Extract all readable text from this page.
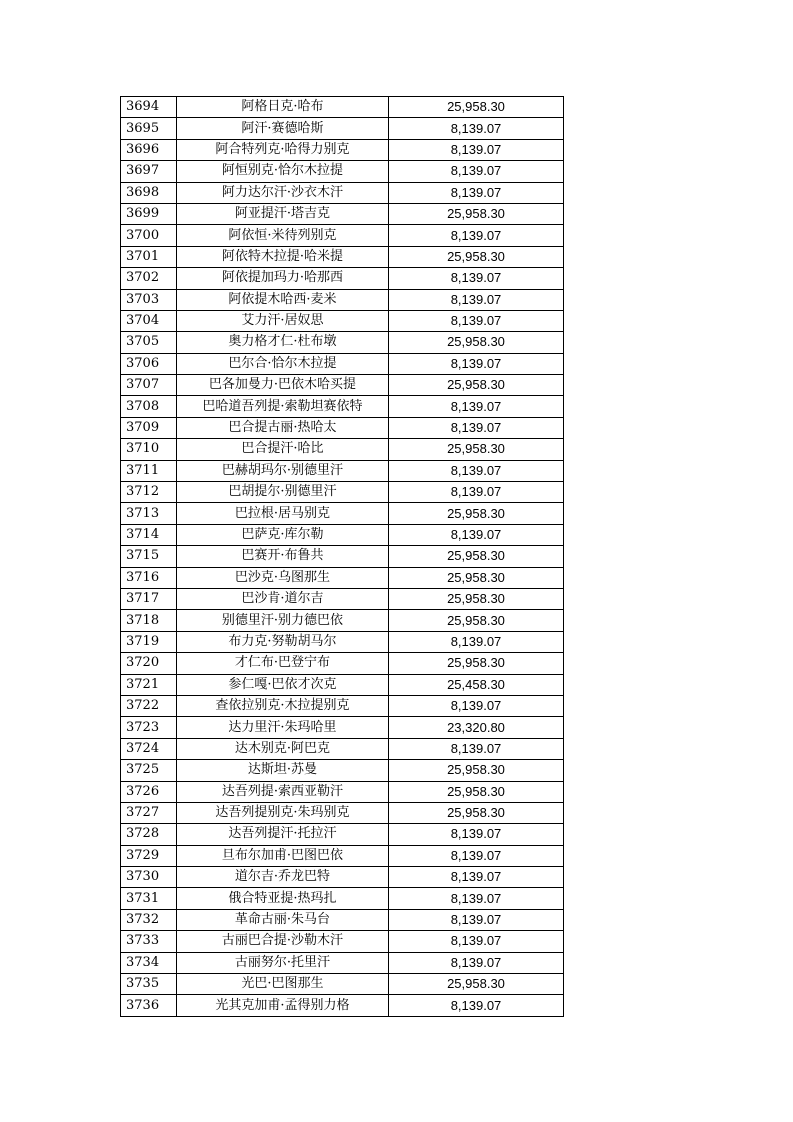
3694	阿格日克·哈布	25,958.30
3695	阿汗·赛德哈斯	8,139.07
3696	阿合特列克·哈得力别克	8,139.07
3697	阿恒别克·恰尔木拉提	8,139.07
3698	阿力达尔汗·沙衣木汗	8,139.07
3699	阿亚提汗·塔吉克	25,958.30
3700	阿依恒·米待列别克	8,139.07
3701	阿依特木拉提·哈米提	25,958.30
3702	阿依提加玛力·哈那西	8,139.07
3703	阿依提木哈西·麦米	8,139.07
3704	艾力汗·居奴思	8,139.07
3705	奥力格才仁·杜布墩	25,958.30
3706	巴尔合·恰尔木拉提	8,139.07
3707	巴各加曼力·巴依木哈买提	25,958.30
3708	巴哈道吾列提·索勒坦赛依特	8,139.07
3709	巴合提古丽·热哈太	8,139.07
3710	巴合提汗·哈比	25,958.30
3711	巴赫胡玛尔·别德里汗	8,139.07
3712	巴胡提尔·别德里汗	8,139.07
3713	巴拉根·居马别克	25,958.30
3714	巴萨克·库尔勒	8,139.07
3715	巴赛开·布鲁共	25,958.30
3716	巴沙克·乌图那生	25,958.30
3717	巴沙肯·道尔吉	25,958.30
3718	别德里汗·别力德巴依	25,958.30
3719	布力克·努勒胡马尔	8,139.07
3720	才仁布·巴登宁布	25,958.30
3721	参仁嘎·巴依才次克	25,458.30
3722	查依拉别克·木拉提别克	8,139.07
3723	达力里汗·朱玛哈里	23,320.80
3724	达木别克·阿巴克	8,139.07
3725	达斯坦·苏曼	25,958.30
3726	达吾列提·索西亚勒汗	25,958.30
3727	达吾列提别克·朱玛别克	25,958.30
3728	达吾列提汗·托拉汗	8,139.07
3729	旦布尔加甫·巴图巴依	8,139.07
3730	道尔吉·乔龙巴特	8,139.07
3731	俄合特亚提·热玛扎	8,139.07
3732	革命古丽·朱马台	8,139.07
3733	古丽巴合提·沙勒木汗	8,139.07
3734	古丽努尔·托里汗	8,139.07
3735	光巴·巴图那生	25,958.30
3736	光其克加甫·孟得别力格	8,139.07
